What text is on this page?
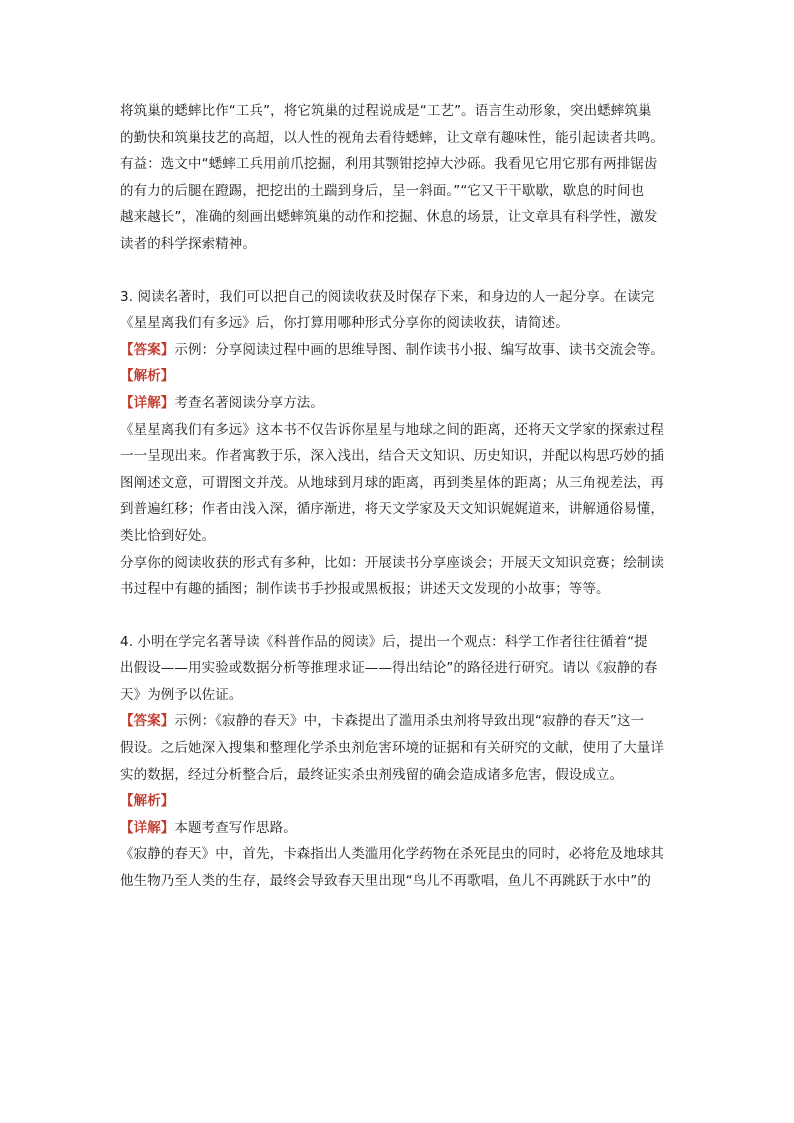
将筑巢的蟋蟀比作“工兵”，将它筑巢的过程说成是“工艺”。语言生动形象，突出蟋蟀筑巢
的勤快和筑巢技艺的高超，以人性的视角去看待蟋蟀，让文章有趣味性，能引起读者共鸣。
有益：选文中“蟋蟀工兵用前爪挖掘，利用其颚钳挖掉大沙砾。我看见它用它那有两排锯齿
的有力的后腿在蹬踢，把挖出的土踹到身后，呈一斜面。”“它又干干歇歇，歇息的时间也
越来越长”，准确的刻画出蟋蟀筑巢的动作和挖掘、休息的场景，让文章具有科学性，激发
读者的科学探索精神。
3. 阅读名著时，我们可以把自己的阅读收获及时保存下来，和身边的人一起分享。在读完
《星星离我们有多远》后，你打算用哪种形式分享你的阅读收获，请简述。
【答案】示例：分享阅读过程中画的思维导图、制作读书小报、编写故事、读书交流会等。
【解析】
【详解】考查名著阅读分享方法。
《星星离我们有多远》这本书不仅告诉你星星与地球之间的距离，还将天文学家的探索过程
一一呈现出来。作者寓教于乐，深入浅出，结合天文知识、历史知识，并配以构思巧妙的插
图阐述文意，可谓图文并茂。从地球到月球的距离，再到类星体的距离；从三角视差法，再
到普遍红移；作者由浅入深，循序渐进，将天文学家及天文知识娓娓道来，讲解通俗易懂，
类比恰到好处。
分享你的阅读收获的形式有多种，比如：开展读书分享座谈会；开展天文知识竞赛；绘制读
书过程中有趣的插图；制作读书手抄报或黑板报；讲述天文发现的小故事；等等。
4. 小明在学完名著导读《科普作品的阅读》后，提出一个观点：科学工作者往往循着“提
出假设——用实验或数据分析等推理求证——得出结论”的路径进行研究。请以《寂静的春
天》为例予以佐证。
【答案】示例：《寂静的春天》中，卡森提出了滥用杀虫剂将导致出现“寂静的春天”这一
假设。之后她深入搜集和整理化学杀虫剂危害环境的证据和有关研究的文献，使用了大量详
实的数据，经过分析整合后，最终证实杀虫剂残留的确会造成诸多危害，假设成立。
【解析】
【详解】本题考查写作思路。
《寂静的春天》中，首先，卡森指出人类滥用化学药物在杀死昆虫的同时，必将危及地球其
他生物乃至人类的生存，最终会导致春天里出现“鸟儿不再歌唱，鱼儿不再跳跃于水中”的
